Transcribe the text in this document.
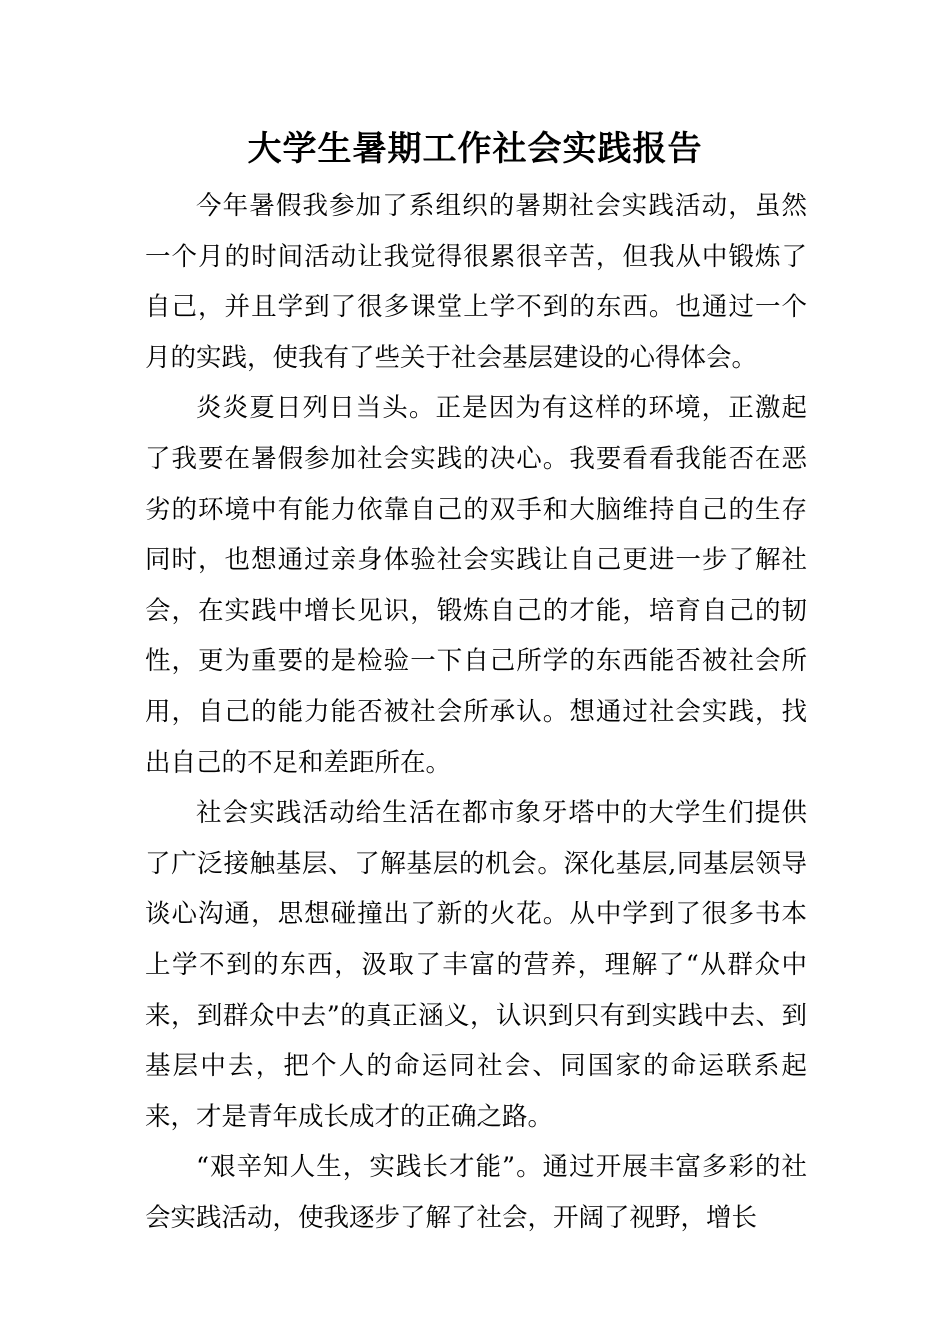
大学生暑期工作社会实践报告

今年暑假我参加了系组织的暑期社会实践活动，虽然一个月的时间活动让我觉得很累很辛苦，但我从中锻炼了自己，并且学到了很多课堂上学不到的东西。也通过一个月的实践，使我有了些关于社会基层建设的心得体会。

炎炎夏日列日当头。正是因为有这样的环境，正激起了我要在暑假参加社会实践的决心。我要看看我能否在恶劣的环境中有能力依靠自己的双手和大脑维持自己的生存同时，也想通过亲身体验社会实践让自己更进一步了解社会，在实践中增长见识，锻炼自己的才能，培育自己的韧性，更为重要的是检验一下自己所学的东西能否被社会所用，自己的能力能否被社会所承认。想通过社会实践，找出自己的不足和差距所在。

社会实践活动给生活在都市象牙塔中的大学生们提供了广泛接触基层、了解基层的机会。深化基层,同基层领导谈心沟通，思想碰撞出了新的火花。从中学到了很多书本上学不到的东西，汲取了丰富的营养，理解了“从群众中来，到群众中去”的真正涵义，认识到只有到实践中去、到基层中去，把个人的命运同社会、同国家的命运联系起来，才是青年成长成才的正确之路。

“艰辛知人生，实践长才能”。通过开展丰富多彩的社会实践活动，使我逐步了解了社会，开阔了视野，增长
